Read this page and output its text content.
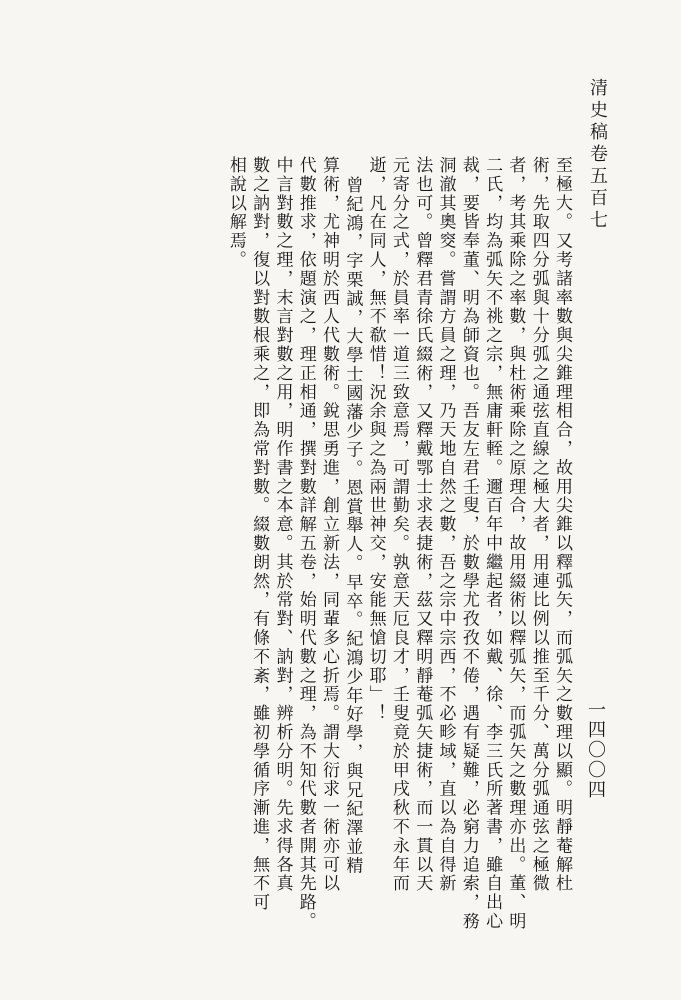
清史稿卷五百七
一四〇〇四
至極大。又考諸率數與尖錐理相合，故用尖錐以釋弧矢，而弧矢之數理以顯。明靜菴解杜
術，先取四分弧與十分弧之通弦直線之極大者，用連比例以推至千分、萬分弧通弦之極微
者，考其乘除之率數，與杜術乘除之原理合，故用綴術以釋弧矢，而弧矢之數理亦出。董、明
二氏，均為弧矢不祧之宗，無庸軒輊。邇百年中繼起者，如戴、徐、李三氏所著書，雖自出心
裁，要皆奉董、明為師資也。吾友左君壬叟，於數學尤孜孜不倦，遇有疑難，必窮力追索，務
洞澈其奧窔。嘗謂方員之理，乃天地自然之數，吾之宗中宗西，不必畛域，直以為自得新
法也可。曾釋君青徐氏綴術，又釋戴鄂士求表捷術，茲又釋明靜菴弧矢捷術，而一貫以天
元寄分之式，於員率一道三致意焉，可謂勤矣。孰意天厄良才，壬叟竟於甲戌秋不永年而
逝，凡在同人，無不欷惜！況余與之為兩世神交，安能無愴切耶」！
曾紀鴻，字栗誠，大學士國藩少子。恩賞舉人。早卒。紀鴻少年好學，與兄紀澤並精
算術，尤神明於西人代數術。銳思勇進，創立新法，同輩多心折焉。謂大衍求一術亦可以
代數推求，依題演之，理正相通，撰對數詳解五卷，始明代數之理，為不知代數者開其先路。
中言對數之理，末言對數之用，明作書之本意。其於常對、訥對，辨析分明。先求得各真
數之訥對，復以對數根乘之，即為常對數。綴數朗然，有條不紊，雖初學循序漸進，無不可
相說以解焉。
